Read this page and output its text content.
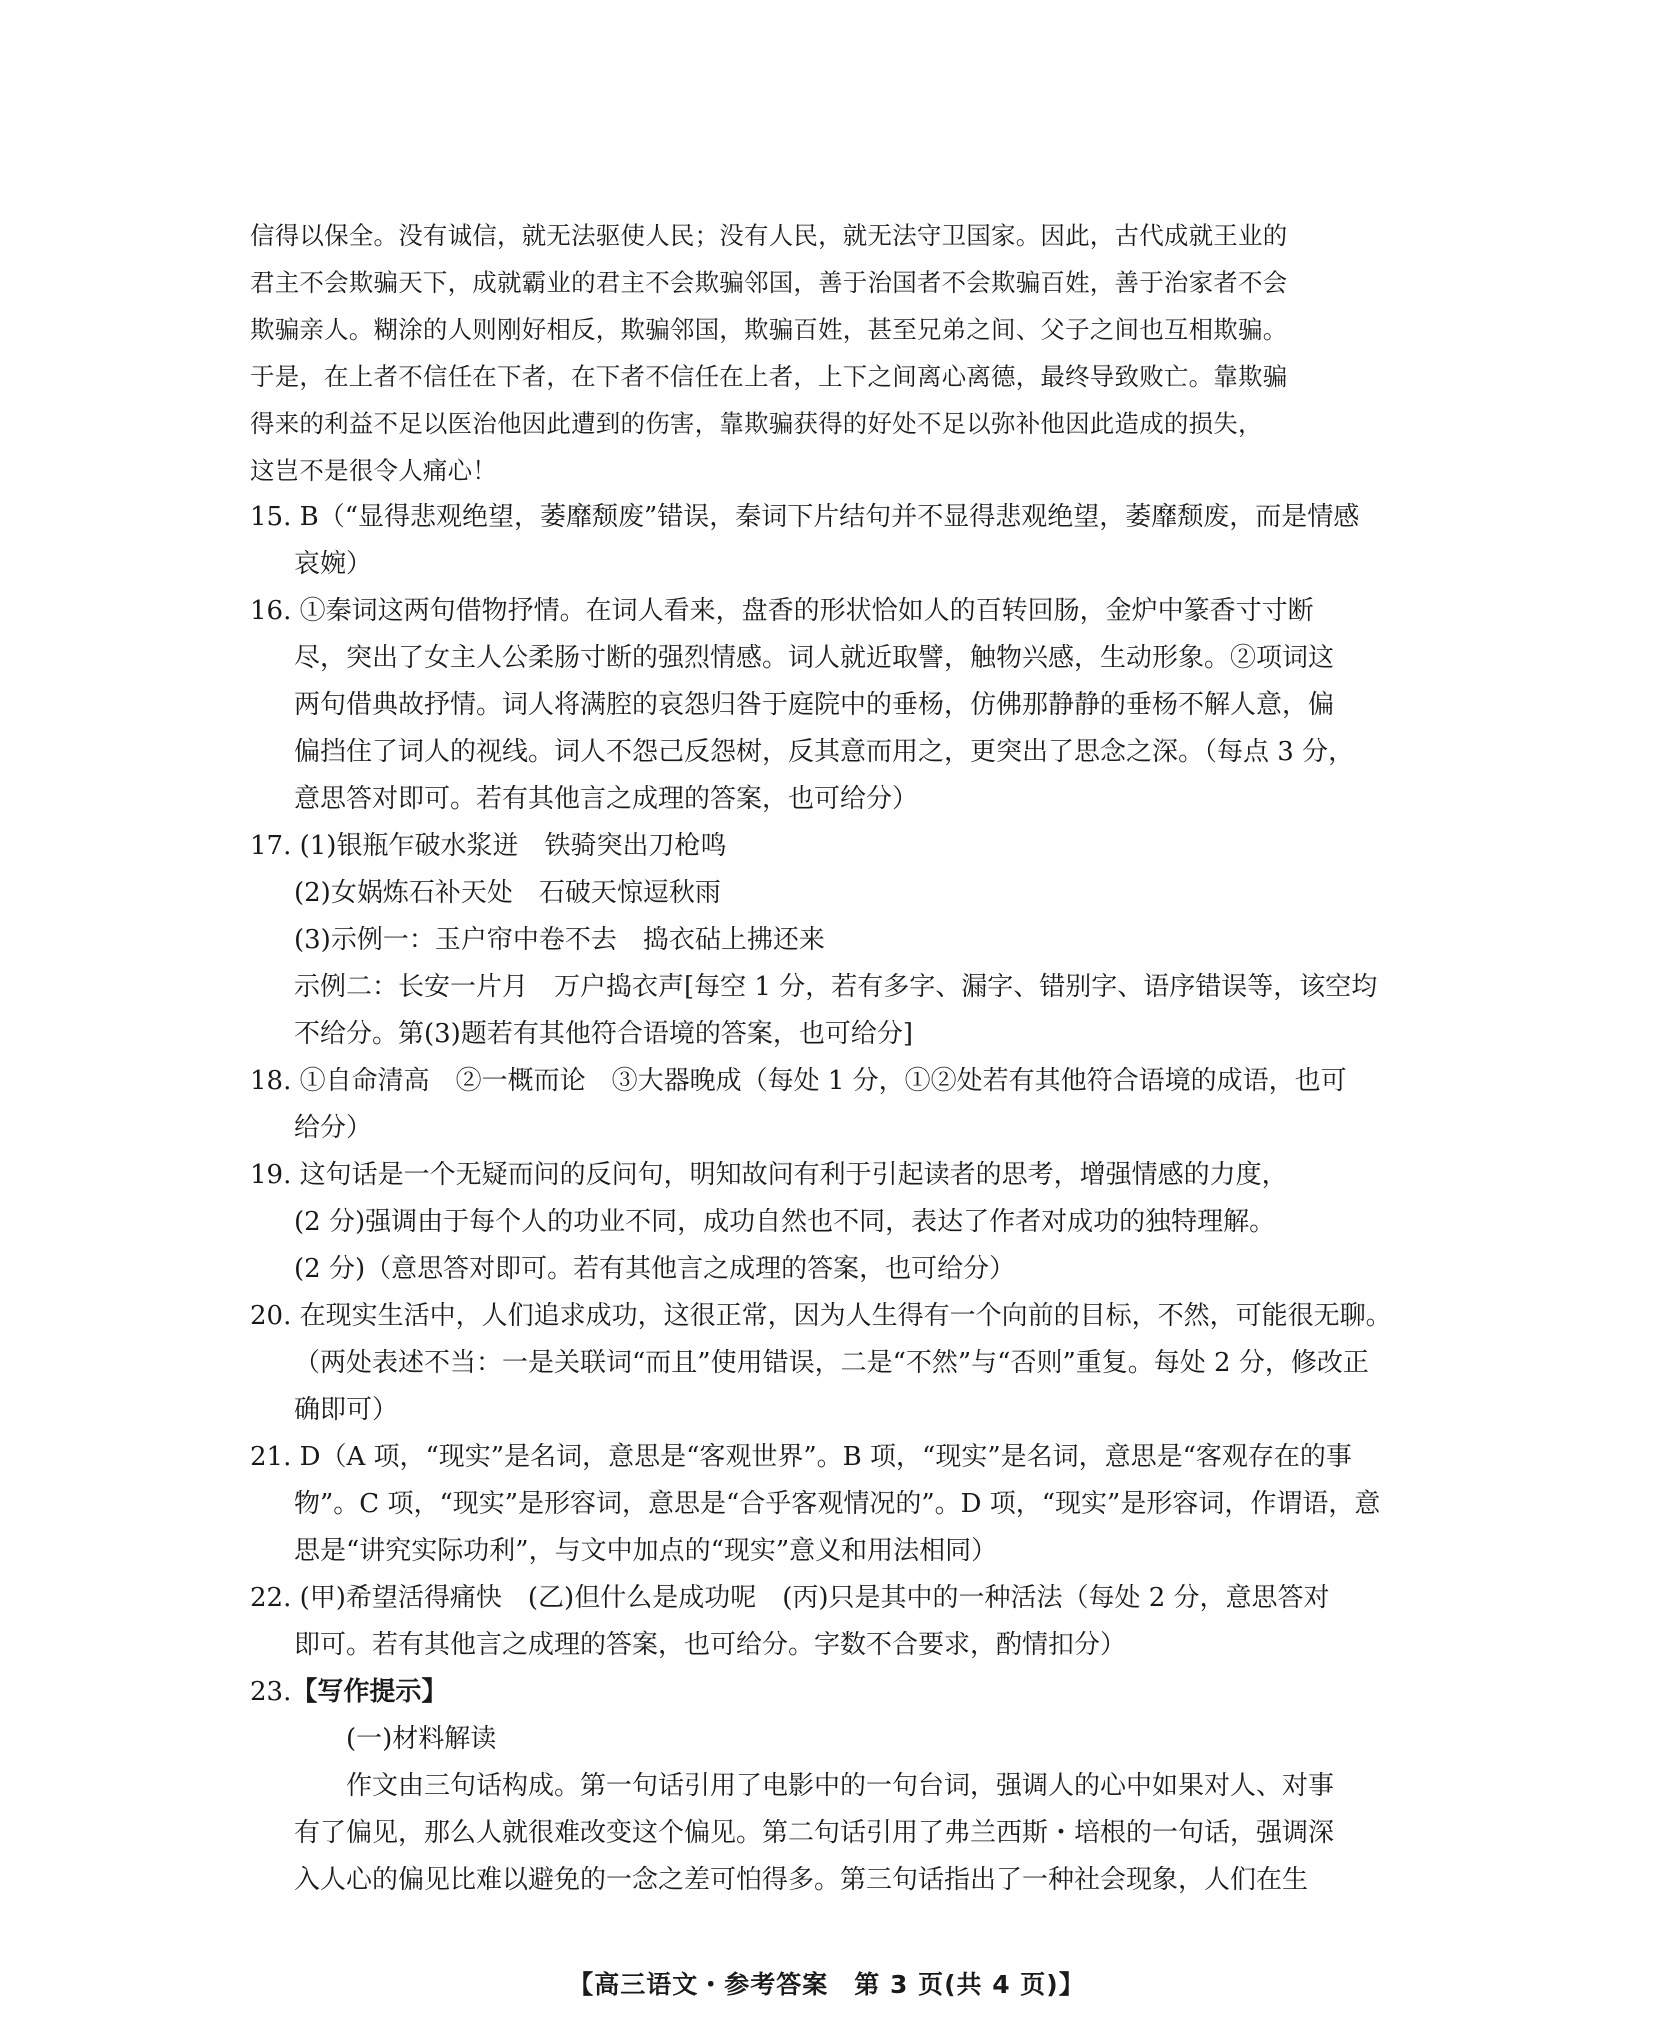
信得以保全。没有诚信，就无法驱使人民；没有人民，就无法守卫国家。因此，古代成就王业的
君主不会欺骗天下，成就霸业的君主不会欺骗邻国，善于治国者不会欺骗百姓，善于治家者不会
欺骗亲人。糊涂的人则刚好相反，欺骗邻国，欺骗百姓，甚至兄弟之间、父子之间也互相欺骗。
于是，在上者不信任在下者，在下者不信任在上者，上下之间离心离德，最终导致败亡。靠欺骗
得来的利益不足以医治他因此遭到的伤害，靠欺骗获得的好处不足以弥补他因此造成的损失，
这岂不是很令人痛心！
15. B（“显得悲观绝望，萎靡颓废”错误，秦词下片结句并不显得悲观绝望，萎靡颓废，而是情感
哀婉）
16. ①秦词这两句借物抒情。在词人看来，盘香的形状恰如人的百转回肠，金炉中篆香寸寸断
尽，突出了女主人公柔肠寸断的强烈情感。词人就近取譬，触物兴感，生动形象。②项词这
两句借典故抒情。词人将满腔的哀怨归咎于庭院中的垂杨，仿佛那静静的垂杨不解人意，偏
偏挡住了词人的视线。词人不怨己反怨树，反其意而用之，更突出了思念之深。（每点 3 分，
意思答对即可。若有其他言之成理的答案，也可给分）
17. (1)银瓶乍破水浆迸　铁骑突出刀枪鸣
(2)女娲炼石补天处　石破天惊逗秋雨
(3)示例一：玉户帘中卷不去　捣衣砧上拂还来
示例二：长安一片月　万户捣衣声[每空 1 分，若有多字、漏字、错别字、语序错误等，该空均
不给分。第(3)题若有其他符合语境的答案，也可给分]
18. ①自命清高　②一概而论　③大器晚成（每处 1 分，①②处若有其他符合语境的成语，也可
给分）
19. 这句话是一个无疑而问的反问句，明知故问有利于引起读者的思考，增强情感的力度，
(2 分)强调由于每个人的功业不同，成功自然也不同，表达了作者对成功的独特理解。
(2 分)（意思答对即可。若有其他言之成理的答案，也可给分）
20. 在现实生活中，人们追求成功，这很正常，因为人生得有一个向前的目标，不然，可能很无聊。
（两处表述不当：一是关联词“而且”使用错误，二是“不然”与“否则”重复。每处 2 分，修改正
确即可）
21. D（A 项，“现实”是名词，意思是“客观世界”。B 项，“现实”是名词，意思是“客观存在的事
物”。C 项，“现实”是形容词，意思是“合乎客观情况的”。D 项，“现实”是形容词，作谓语，意
思是“讲究实际功利”，与文中加点的“现实”意义和用法相同）
22. (甲)希望活得痛快　(乙)但什么是成功呢　(丙)只是其中的一种活法（每处 2 分，意思答对
即可。若有其他言之成理的答案，也可给分。字数不合要求，酌情扣分）
23.【写作提示】
(一)材料解读
作文由三句话构成。第一句话引用了电影中的一句台词，强调人的心中如果对人、对事
有了偏见，那么人就很难改变这个偏见。第二句话引用了弗兰西斯・培根的一句话，强调深
入人心的偏见比难以避免的一念之差可怕得多。第三句话指出了一种社会现象，人们在生
【高三语文・参考答案　第 3 页(共 4 页)】
